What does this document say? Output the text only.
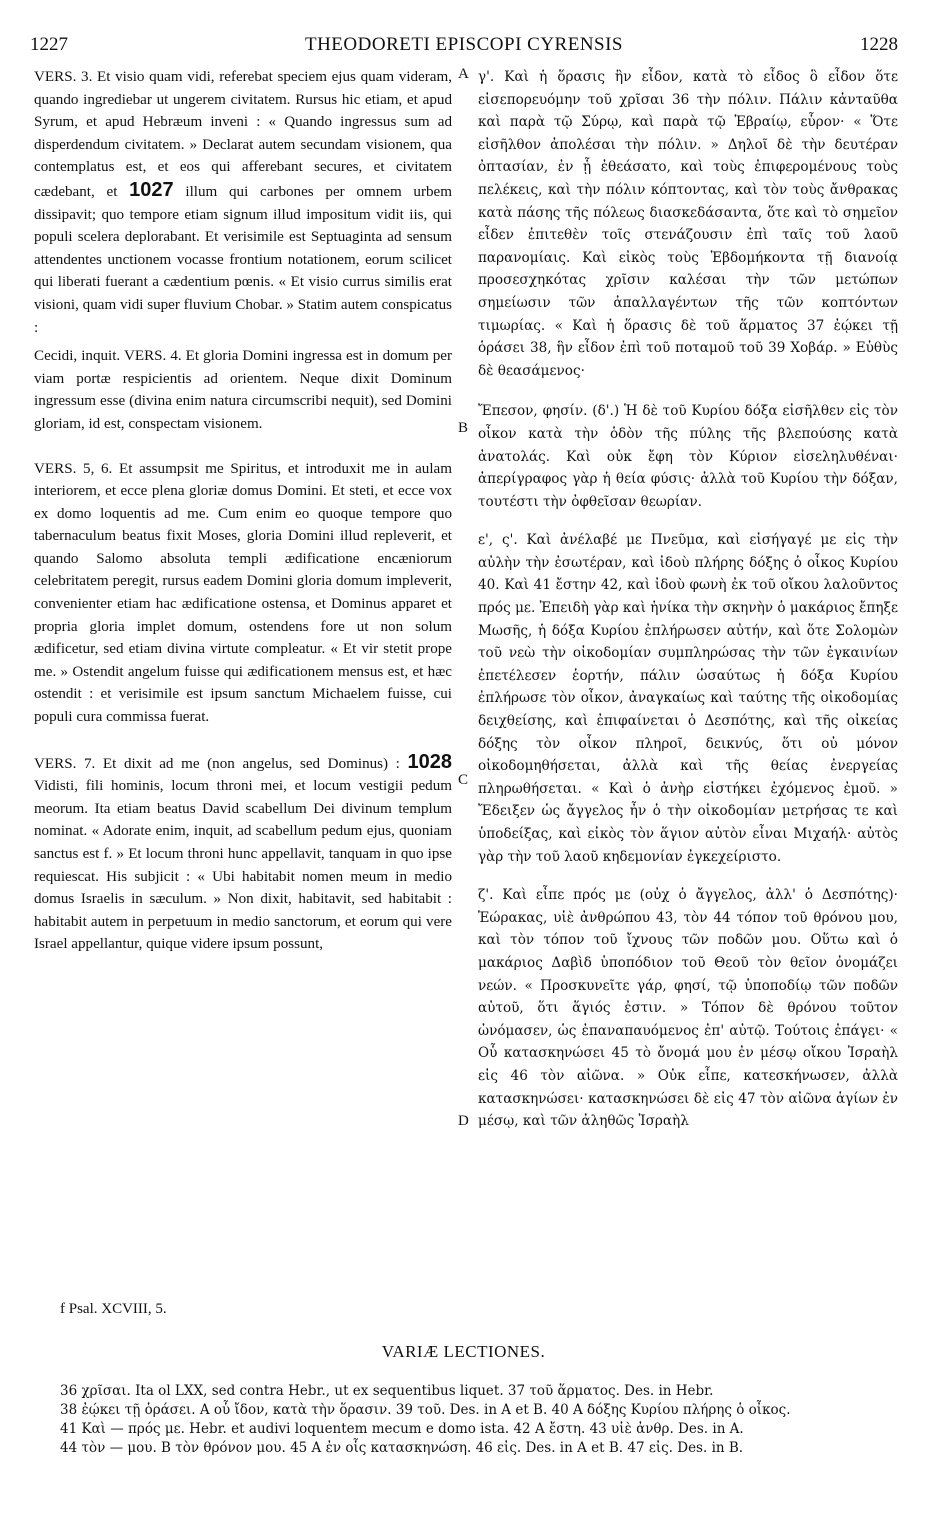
1227	THEODORETI EPISCOPI CYRENSIS	1228

VERS. 3. Et visio quam vidi, referebat speciem ejus quam videram, quando ingrediebar ut ungerem civitatem. Rursus hic etiam, et apud Syrum, et apud Hebræum inveni : « Quando ingressus sum ad disperdendum civitatem. » Declarat autem secundam visionem, qua contemplatus est, et eos qui afferebant secures, et civitatem cædebant, et 1027 illum qui carbones per omnem urbem dissipavit; quo tempore etiam signum illud impositum vidit iis, qui populi scelera deplorabant. Et verisimile est Septuaginta ad sensum attendentes unctionem vocasse frontium notationem, eorum scilicet qui liberati fuerant a cædentium pœnis. « Et visio currus similis erat visioni, quam vidi super fluvium Chobar. » Statim autem conspicatus :

Cecidi, inquit. VERS. 4. Et gloria Domini ingressa est in domum per viam portæ respicientis ad orientem. Neque dixit Dominum ingressum esse (divina enim natura circumscribi nequit), sed Domini gloriam, id est, conspectam visionem.

VERS. 5, 6. Et assumpsit me Spiritus, et introduxit me in aulam interiorem, et ecce plena gloriæ domus Domini. Et steti, et ecce vox ex domo loquentis ad me. Cum enim eo quoque tempore quo tabernaculum beatus fixit Moses, gloria Domini illud repleverit, et quando Salomo absoluta templi ædificatione encæniorum celebritatem peregit, rursus eadem Domini gloria domum impleverit, convenienter etiam hac ædificatione ostensa, et Dominus apparet et propria gloria implet domum, ostendens fore ut non solum ædificetur, sed etiam divina virtute compleatur. « Et vir stetit prope me. » Ostendit angelum fuisse qui ædificationem mensus est, et hæc ostendit : et verisimile est ipsum sanctum Michaelem fuisse, cui populi cura commissa fuerat.

VERS. 7. Et dixit ad me (non angelus, sed Dominus) : 1028 Vidisti, fili hominis, locum throni mei, et locum vestigii pedum meorum. Ita etiam beatus David scabellum Dei divinum templum nominat. « Adorate enim, inquit, ad scabellum pedum ejus, quoniam sanctus est f. » Et locum throni hunc appellavit, tanquam in quo ipse requiescat. His subjicit : « Ubi habitabit nomen meum in medio domus Israelis in sæculum. » Non dixit, habitavit, sed habitabit : habitabit autem in perpetuum in medio sanctorum, et eorum qui vere Israel appellantur, quique videre ipsum possunt,

A
B
C
D

γ'. Καὶ ἡ ὅρασις ἣν εἶδον, κατὰ τὸ εἶδος ὃ εἶδον ὅτε εἰσεπορευόμην τοῦ χρῖσαι 36 τὴν πόλιν. Πάλιν κἀνταῦθα καὶ παρὰ τῷ Σύρῳ, καὶ παρὰ τῷ Ἑβραίῳ, εὗρον· « Ὅτε εἰσῆλθον ἀπολέσαι τὴν πόλιν. » Δηλοῖ δὲ τὴν δευτέραν ὀπτασίαν, ἐν ᾗ ἐθεάσατο, καὶ τοὺς ἐπιφερομένους τοὺς πελέκεις, καὶ τὴν πόλιν κόπτοντας, καὶ τὸν τοὺς ἄνθρακας κατὰ πάσης τῆς πόλεως διασκεδάσαντα, ὅτε καὶ τὸ σημεῖον εἶδεν ἐπιτεθὲν τοῖς στενάζουσιν ἐπὶ ταῖς τοῦ λαοῦ παρανομίαις. Καὶ εἰκὸς τοὺς Ἑβδομήκοντα τῇ διανοίᾳ προσεσχηκότας χρῖσιν καλέσαι τὴν τῶν μετώπων σημείωσιν τῶν ἀπαλλαγέντων τῆς τῶν κοπτόντων τιμωρίας. « Καὶ ἡ ὅρασις δὲ τοῦ ἅρματος 37 ἐῴκει τῇ ὁράσει 38, ἣν εἶδον ἐπὶ τοῦ ποταμοῦ τοῦ 39 Χοβάρ. » Εὐθὺς δὲ θεασάμενος·

Ἔπεσον, φησίν. (δ'.) Ἡ δὲ τοῦ Κυρίου δόξα εἰσῆλθεν εἰς τὸν οἶκον κατὰ τὴν ὁδὸν τῆς πύλης τῆς βλεπούσης κατὰ ἀνατολάς. Καὶ οὐκ ἔφη τὸν Κύριον εἰσεληλυθέναι· ἀπερίγραφος γὰρ ἡ θεία φύσις· ἀλλὰ τοῦ Κυρίου τὴν δόξαν, τουτέστι τὴν ὀφθεῖσαν θεωρίαν.

ε', ς'. Καὶ ἀνέλαβέ με Πνεῦμα, καὶ εἰσήγαγέ με εἰς τὴν αὐλὴν τὴν ἐσωτέραν, καὶ ἰδοὺ πλήρης δόξης ὁ οἶκος Κυρίου 40. Καὶ 41 ἔστην 42, καὶ ἰδοὺ φωνὴ ἐκ τοῦ οἴκου λαλοῦντος πρός με. Ἐπειδὴ γὰρ καὶ ἡνίκα τὴν σκηνὴν ὁ μακάριος ἔπηξε Μωσῆς, ἡ δόξα Κυρίου ἐπλήρωσεν αὐτήν, καὶ ὅτε Σολομὼν τοῦ νεὼ τὴν οἰκοδομίαν συμπληρώσας τὴν τῶν ἐγκαινίων ἐπετέλεσεν ἑορτήν, πάλιν ὡσαύτως ἡ δόξα Κυρίου ἐπλήρωσε τὸν οἶκον, ἀναγκαίως καὶ ταύτης τῆς οἰκοδομίας δειχθείσης, καὶ ἐπιφαίνεται ὁ Δεσπότης, καὶ τῆς οἰκείας δόξης τὸν οἶκον πληροῖ, δεικνύς, ὅτι οὐ μόνον οἰκοδομηθήσεται, ἀλλὰ καὶ τῆς θείας ἐνεργείας πληρωθήσεται. « Καὶ ὁ ἀνὴρ εἱστήκει ἐχόμενος ἐμοῦ. » Ἔδειξεν ὡς ἄγγελος ἦν ὁ τὴν οἰκοδομίαν μετρήσας τε καὶ ὑποδείξας, καὶ εἰκὸς τὸν ἅγιον αὐτὸν εἶναι Μιχαήλ· αὐτὸς γὰρ τὴν τοῦ λαοῦ κηδεμονίαν ἐγκεχείριστο.

ζ'. Καὶ εἶπε πρός με (οὐχ ὁ ἄγγελος, ἀλλ' ὁ Δεσπότης)· Ἑώρακας, υἱὲ ἀνθρώπου 43, τὸν 44 τόπον τοῦ θρόνου μου, καὶ τὸν τόπον τοῦ ἴχνους τῶν ποδῶν μου. Οὕτω καὶ ὁ μακάριος Δαβὶδ ὑποπόδιον τοῦ Θεοῦ τὸν θεῖον ὀνομάζει νεών. « Προσκυνεῖτε γάρ, φησί, τῷ ὑποποδίῳ τῶν ποδῶν αὐτοῦ, ὅτι ἅγιός ἐστιν. » Τόπον δὲ θρόνου τοῦτον ὠνόμασεν, ὡς ἐπαναπαυόμενος ἐπ' αὐτῷ. Τούτοις ἐπάγει· « Οὗ κατασκηνώσει 45 τὸ ὄνομά μου ἐν μέσῳ οἴκου Ἰσραὴλ εἰς 46 τὸν αἰῶνα. » Οὐκ εἶπε, κατεσκήνωσεν, ἀλλὰ κατασκηνώσει· κατασκηνώσει δὲ εἰς 47 τὸν αἰῶνα ἁγίων ἐν μέσῳ, καὶ τῶν ἀληθῶς Ἰσραὴλ

f Psal. XCVIII, 5.
VARIÆ LECTIONES.
36 χρῖσαι. Ita ol LXX, sed contra Hebr., ut ex sequentibus liquet. 37 τοῦ ἅρματος. Des. in Hebr.
38 ἐῴκει τῇ ὁράσει. A οὗ ἴδον, κατὰ τὴν ὅρασιν. 39 τοῦ. Des. in A et B. 40 A δόξης Κυρίου πλήρης ὁ οἶκος.
41 Καὶ — πρός με. Hebr. et audivi loquentem mecum e domo ista. 42 A ἔστη. 43 υἱὲ ἀνθρ. Des. in A.
44 τὸν — μου. B τὸν θρόνον μου. 45 A ἐν οἷς κατασκηνώση. 46 εἰς. Des. in A et B. 47 εἰς. Des. in B.
